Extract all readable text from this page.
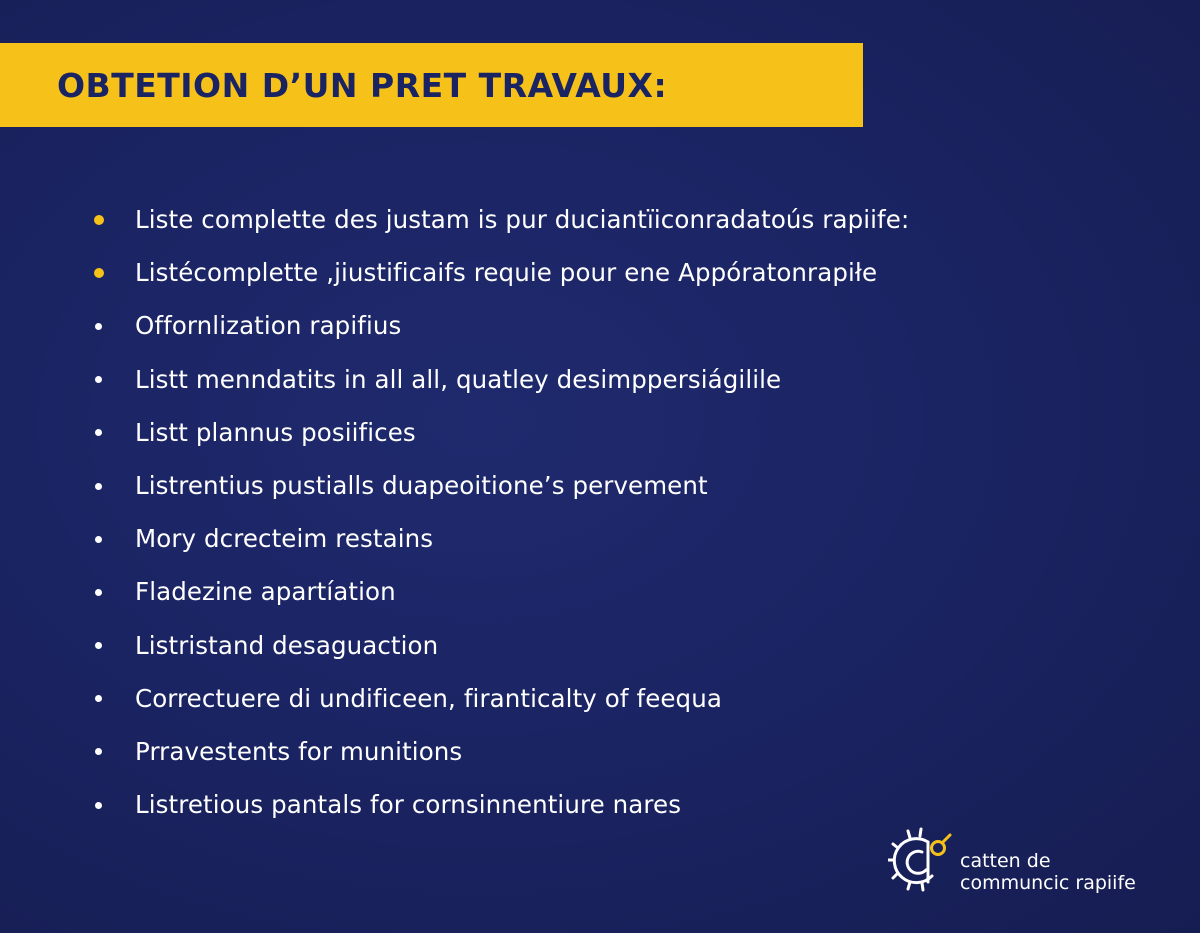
OBTETION D’UN PRET TRAVAUX:
Liste complette des justam is pur duciantı̈iconradatoús rapiife:
Listécomplette ,jiustificaifs requie pour ene Appóratonrapiłe
Offornlization rapifius
Listt menndatits in all all, quatley desimppersiágilile
Listt plannus posiifices
Listrentius pustialls duapeoitione’s pervement
Mory dcrecteim restains
Fladezine apartíation
Listristand desaguaction
Correctuere di undificeen, firanticalty of feequa
Prravestents for munitions
Listretious pantals for cornsinnentiure nares
catten de
communcic rapiife
